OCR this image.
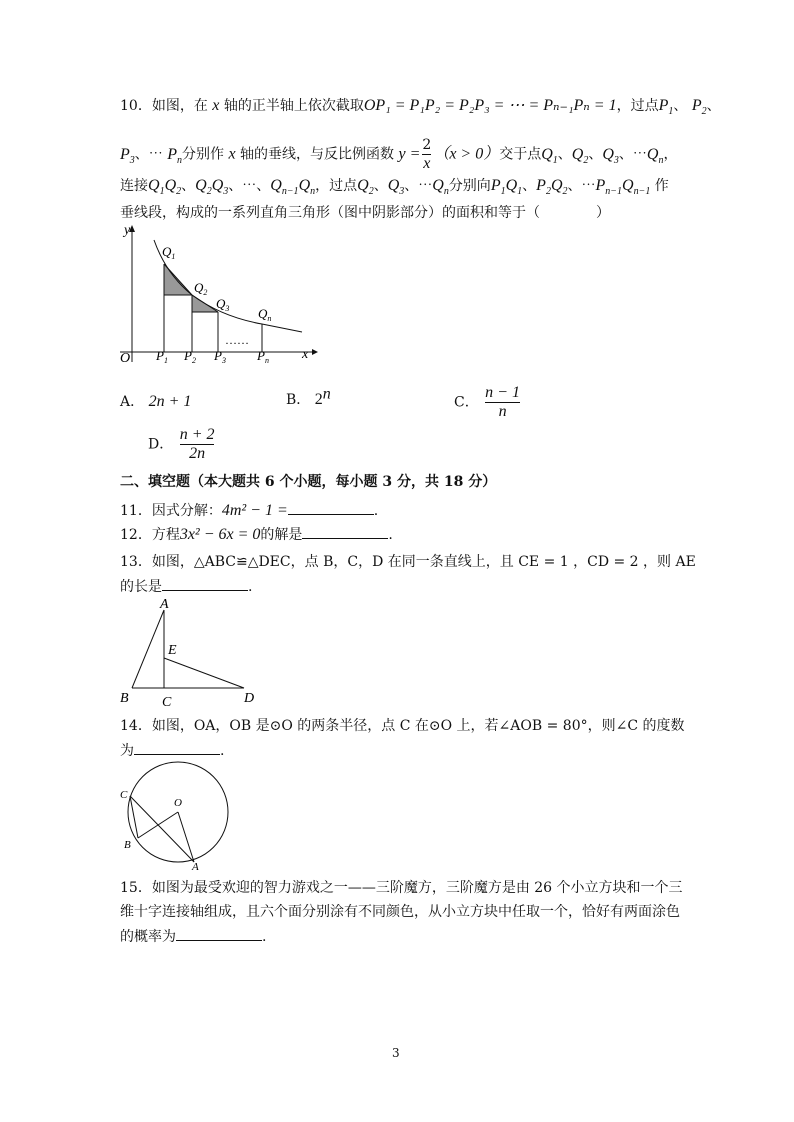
10．如图，在 x 轴的正半轴上依次截取OP₁ = P₁P₂ = P₂P₃ = ⋯ = Pₙ₋₁Pₙ = 1，过点$P_1$、 $P_2$、
$P_3$、⋯ $P_n$分别作 x 轴的垂线，与反比例函数 $y = \frac{2}{x} (x > 0)$交于点$Q_1$、$Q_2$、$Q_3$、$\cdots Q_n$，
连接$Q_1Q_2$、$Q_2Q_3$、⋯、$Q_{n-1}Q_n$，过点$Q_2$、$Q_3$、$\cdots Q_n$分别向$P_1Q_1$、$P_2Q_2$、$\cdots P_{n-1}Q_{n-1}$ 作
垂线段，构成的一系列直角三角形（图中阴影部分）的面积和等于（　　　　）
y
x
O
$Q_1$
$Q_2$
$Q_3$ $Q_n$
$P_1$ $P_2$ $P_3$ $P_n$
……
A． 2n + 1	B． 2$^n$
C． $\frac{n - 1}{n}$
D． $\frac{n + 2}{2n}$
二、填空题（本大题共 6 个小题，每小题 3 分，共 18 分）
11．因式分解：4m² − 1 =	.
12．方程3x² − 6x = 0的解是	.
13．如图，△ABC≌△DEC，点 B，C，D 在同一条直线上，且 CE = 1 ，CD = 2 ，则 AE
的长是	.
A
E
B C	D
14．如图，OA，OB 是⊙O 的两条半径，点 C 在⊙O 上，若∠AOB = 80°，则∠C 的度数
为	.
C
O
B
A
15．如图为最受欢迎的智力游戏之一——三阶魔方，三阶魔方是由 26 个小立方块和一个三
维十字连接轴组成，且六个面分别涂有不同颜色，从小立方块中任取一个，恰好有两面涂色
的概率为	.
3
